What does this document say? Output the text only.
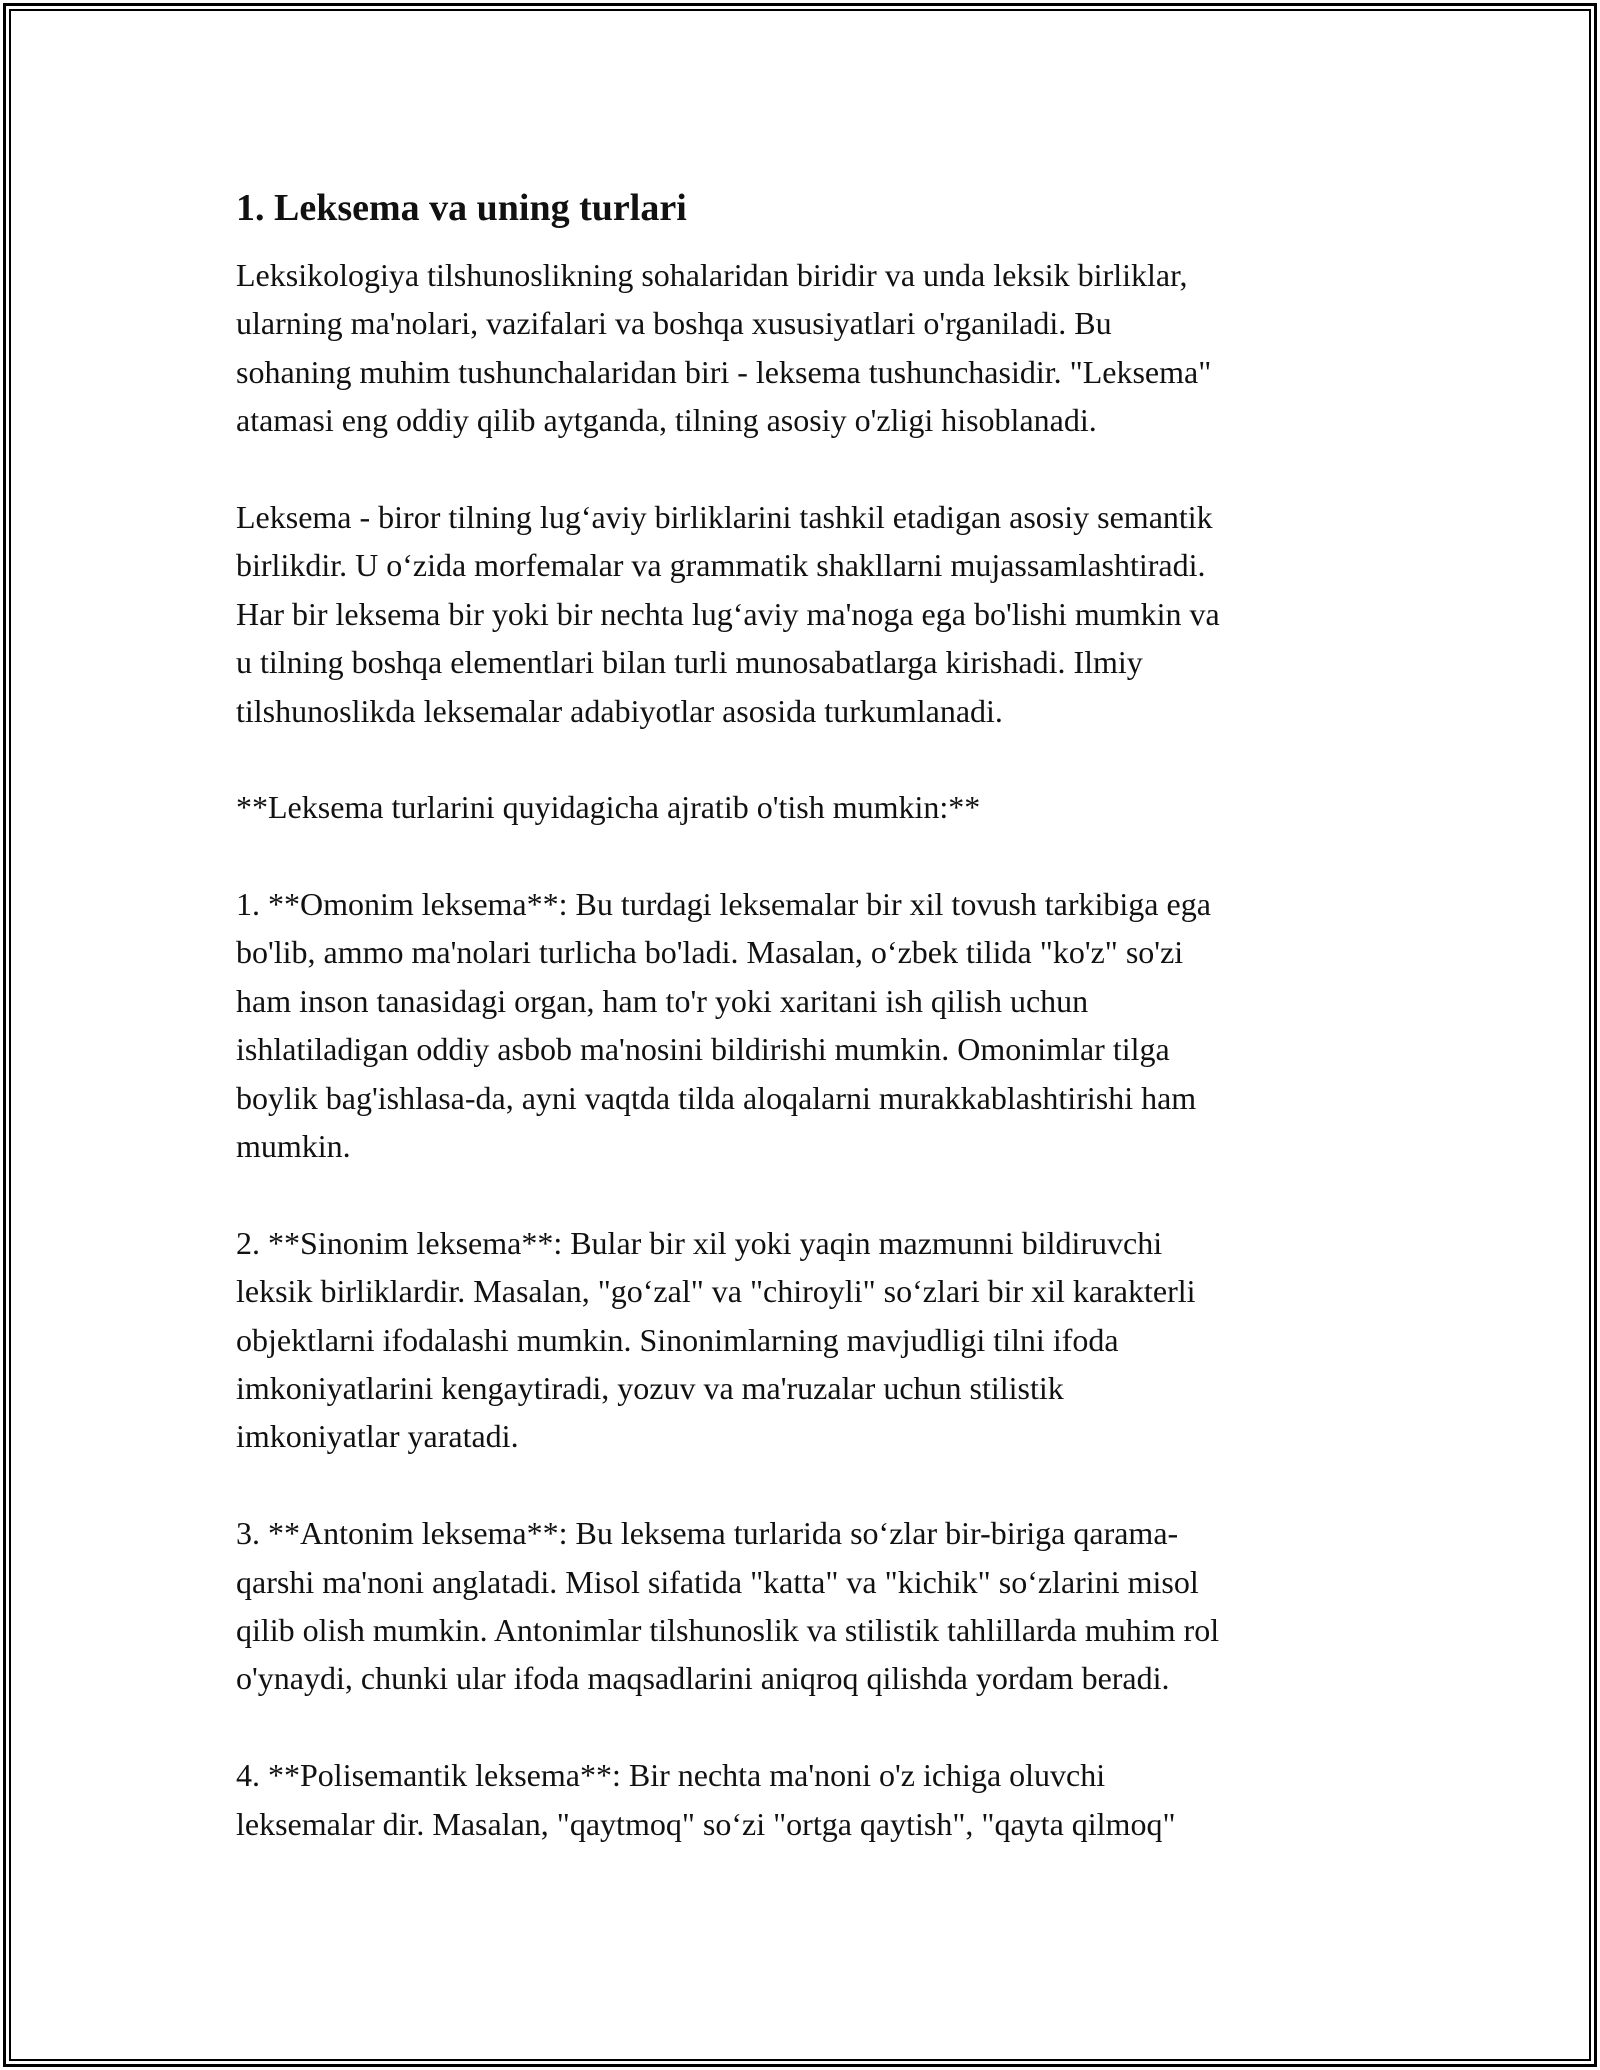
1. Leksema va uning turlari
Leksikologiya tilshunoslikning sohalaridan biridir va unda leksik birliklar,
ularning ma'nolari, vazifalari va boshqa xususiyatlari o'rganiladi. Bu
sohaning muhim tushunchalaridan biri - leksema tushunchasidir. "Leksema"
atamasi eng oddiy qilib aytganda, tilning asosiy o'zligi hisoblanadi.
Leksema - biror tilning lug‘aviy birliklarini tashkil etadigan asosiy semantik
birlikdir. U o‘zida morfemalar va grammatik shakllarni mujassamlashtiradi.
Har bir leksema bir yoki bir nechta lug‘aviy ma'noga ega bo'lishi mumkin va
u tilning boshqa elementlari bilan turli munosabatlarga kirishadi. Ilmiy
tilshunoslikda leksemalar adabiyotlar asosida turkumlanadi.
**Leksema turlarini quyidagicha ajratib o'tish mumkin:**
1. **Omonim leksema**: Bu turdagi leksemalar bir xil tovush tarkibiga ega
bo'lib, ammo ma'nolari turlicha bo'ladi. Masalan, o‘zbek tilida "ko'z" so'zi
ham inson tanasidagi organ, ham to'r yoki xaritani ish qilish uchun
ishlatiladigan oddiy asbob ma'nosini bildirishi mumkin. Omonimlar tilga
boylik bag'ishlasa-da, ayni vaqtda tilda aloqalarni murakkablashtirishi ham
mumkin.
2. **Sinonim leksema**: Bular bir xil yoki yaqin mazmunni bildiruvchi
leksik birliklardir. Masalan, "go‘zal" va "chiroyli" so‘zlari bir xil karakterli
objektlarni ifodalashi mumkin. Sinonimlarning mavjudligi tilni ifoda
imkoniyatlarini kengaytiradi, yozuv va ma'ruzalar uchun stilistik
imkoniyatlar yaratadi.
3. **Antonim leksema**: Bu leksema turlarida so‘zlar bir-biriga qarama-
qarshi ma'noni anglatadi. Misol sifatida "katta" va "kichik" so‘zlarini misol
qilib olish mumkin. Antonimlar tilshunoslik va stilistik tahlillarda muhim rol
o'ynaydi, chunki ular ifoda maqsadlarini aniqroq qilishda yordam beradi.
4. **Polisemantik leksema**: Bir nechta ma'noni o'z ichiga oluvchi
leksemalar dir. Masalan, "qaytmoq" so‘zi "ortga qaytish", "qayta qilmoq"
